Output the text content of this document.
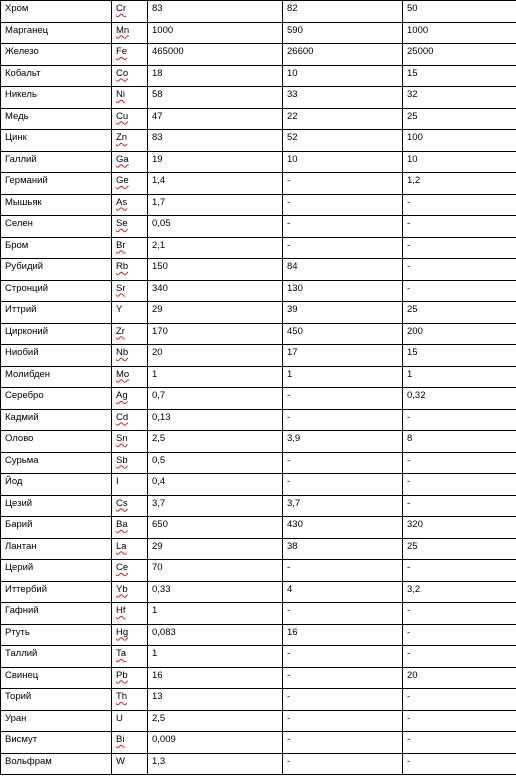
Хром	Cr	83	82	50
Марганец	Mn	1000	590	1000
Железо	Fe	465000	26600	25000
Кобальт	Co	18	10	15
Никель	Ni	58	33	32
Медь	Cu	47	22	25
Цинк	Zn	83	52	100
Галлий	Ga	19	10	10
Германий	Ge	1,4	-	1,2
Мышьяк	As	1,7	-	-
Селен	Se	0,05	-	-
Бром	Br	2,1	-	-
Рубидий	Rb	150	84	-
Стронций	Sr	340	130	-
Иттрий	Y	29	39	25
Цирконий	Zr	170	450	200
Ниобий	Nb	20	17	15
Молибден	Mo	1	1	1
Серебро	Ag	0,7	-	0,32
Кадмий	Cd	0,13	-	-
Олово	Sn	2,5	3,9	8
Сурьма	Sb	0,5	-	-
Йод	I	0,4	-	-
Цезий	Cs	3,7	3,7	-
Барий	Ba	650	430	320
Лантан	La	29	38	25
Церий	Ce	70	-	-
Иттербий	Yb	0,33	4	3,2
Гафний	Hf	1	-	-
Ртуть	Hg	0,083	16	-
Таллий	Ta	1	-	-
Свинец	Pb	16	-	20
Торий	Th	13	-	-
Уран	U	2,5	-	-
Висмут	Bi	0,009	-	-
Вольфрам	W	1,3	-	-
